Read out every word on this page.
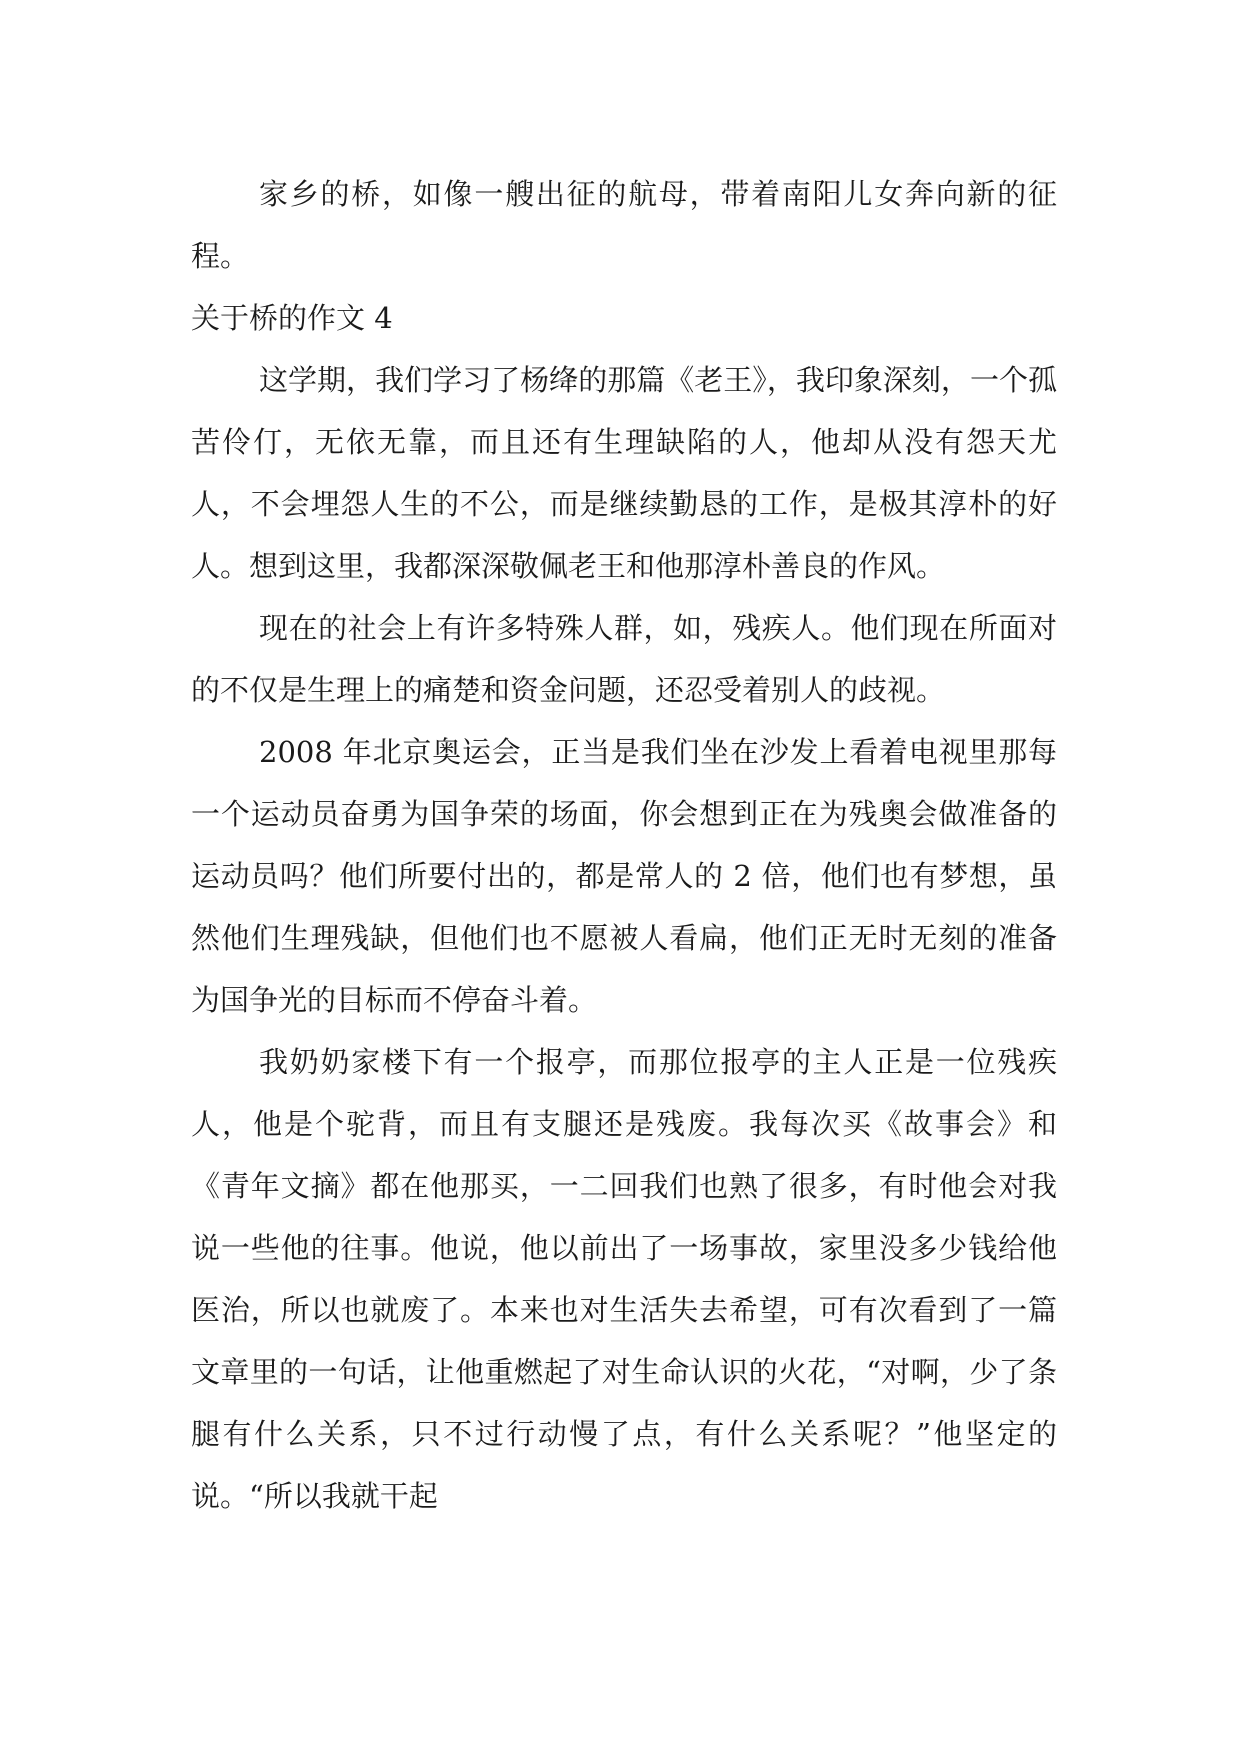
家乡的桥，如像一艘出征的航母，带着南阳儿女奔向新的征程。

关于桥的作文 4

这学期，我们学习了杨绛的那篇《老王》，我印象深刻，一个孤苦伶仃，无依无靠，而且还有生理缺陷的人，他却从没有怨天尤人，不会埋怨人生的不公，而是继续勤恳的工作，是极其淳朴的好人。想到这里，我都深深敬佩老王和他那淳朴善良的作风。

现在的社会上有许多特殊人群，如，残疾人。他们现在所面对的不仅是生理上的痛楚和资金问题，还忍受着别人的歧视。

2008 年北京奥运会，正当是我们坐在沙发上看着电视里那每一个运动员奋勇为国争荣的场面，你会想到正在为残奥会做准备的运动员吗？他们所要付出的，都是常人的 2 倍，他们也有梦想，虽然他们生理残缺，但他们也不愿被人看扁，他们正无时无刻的准备为国争光的目标而不停奋斗着。

我奶奶家楼下有一个报亭，而那位报亭的主人正是一位残疾人，他是个驼背，而且有支腿还是残废。我每次买《故事会》和《青年文摘》都在他那买，一二回我们也熟了很多，有时他会对我说一些他的往事。他说，他以前出了一场事故，家里没多少钱给他医治，所以也就废了。本来也对生活失去希望，可有次看到了一篇文章里的一句话，让他重燃起了对生命认识的火花，“对啊，少了条腿有什么关系，只不过行动慢了点，有什么关系呢？”他坚定的说。“所以我就干起
